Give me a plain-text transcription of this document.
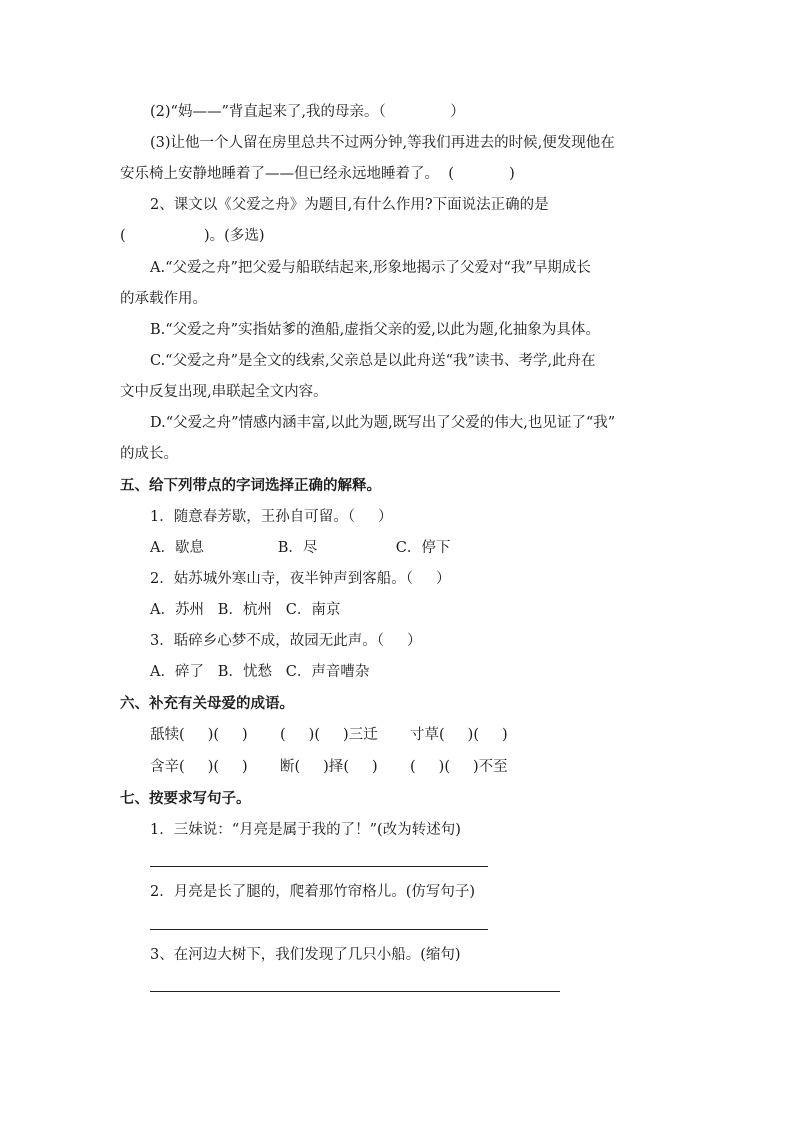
(2)“妈——”背直起来了,我的母亲。（              ）
(3)让他一个人留在房里总共不过两分钟,等我们再进去的时候,便发现他在
安乐椅上安静地睡着了——但已经永远地睡着了。  (            )
2、课文以《父爱之舟》为题目,有什么作用?下面说法正确的是
(                 )。(多选)
A.“父爱之舟”把父爱与船联结起来,形象地揭示了父爱对“我”早期成长
的承载作用。
B.“父爱之舟”实指姑爹的渔船,虚指父亲的爱,以此为题,化抽象为具体。
C.“父爱之舟”是全文的线索,父亲总是以此舟送“我”读书、考学,此舟在
文中反复出现,串联起全文内容。
D.“父爱之舟”情感内涵丰富,以此为题,既写出了父爱的伟大,也见证了“我”
的成长。
五、给下列带点的字词选择正确的解释。
1．随意春芳歇，王孙自可留。（     ）
A．歇息                B．尽                 C．停下
2．姑苏城外寒山寺，夜半钟声到客船。（     ）
A．苏州   B．杭州   C．南京
3．聒碎乡心梦不成，故园无此声。（     ）
A．碎了   B．忧愁   C．声音嘈杂
六、补充有关母爱的成语。
舐犊(     )(     )       (     )(     )三迁       寸草(     )(     )
含辛(     )(     )       断(     )择(     )       (     )(     )不至
七、按要求写句子。
1．三妹说：“月亮是属于我的了！”(改为转述句)
2．月亮是长了腿的，爬着那竹帘格儿。(仿写句子)
3、在河边大树下，我们发现了几只小船。(缩句)
